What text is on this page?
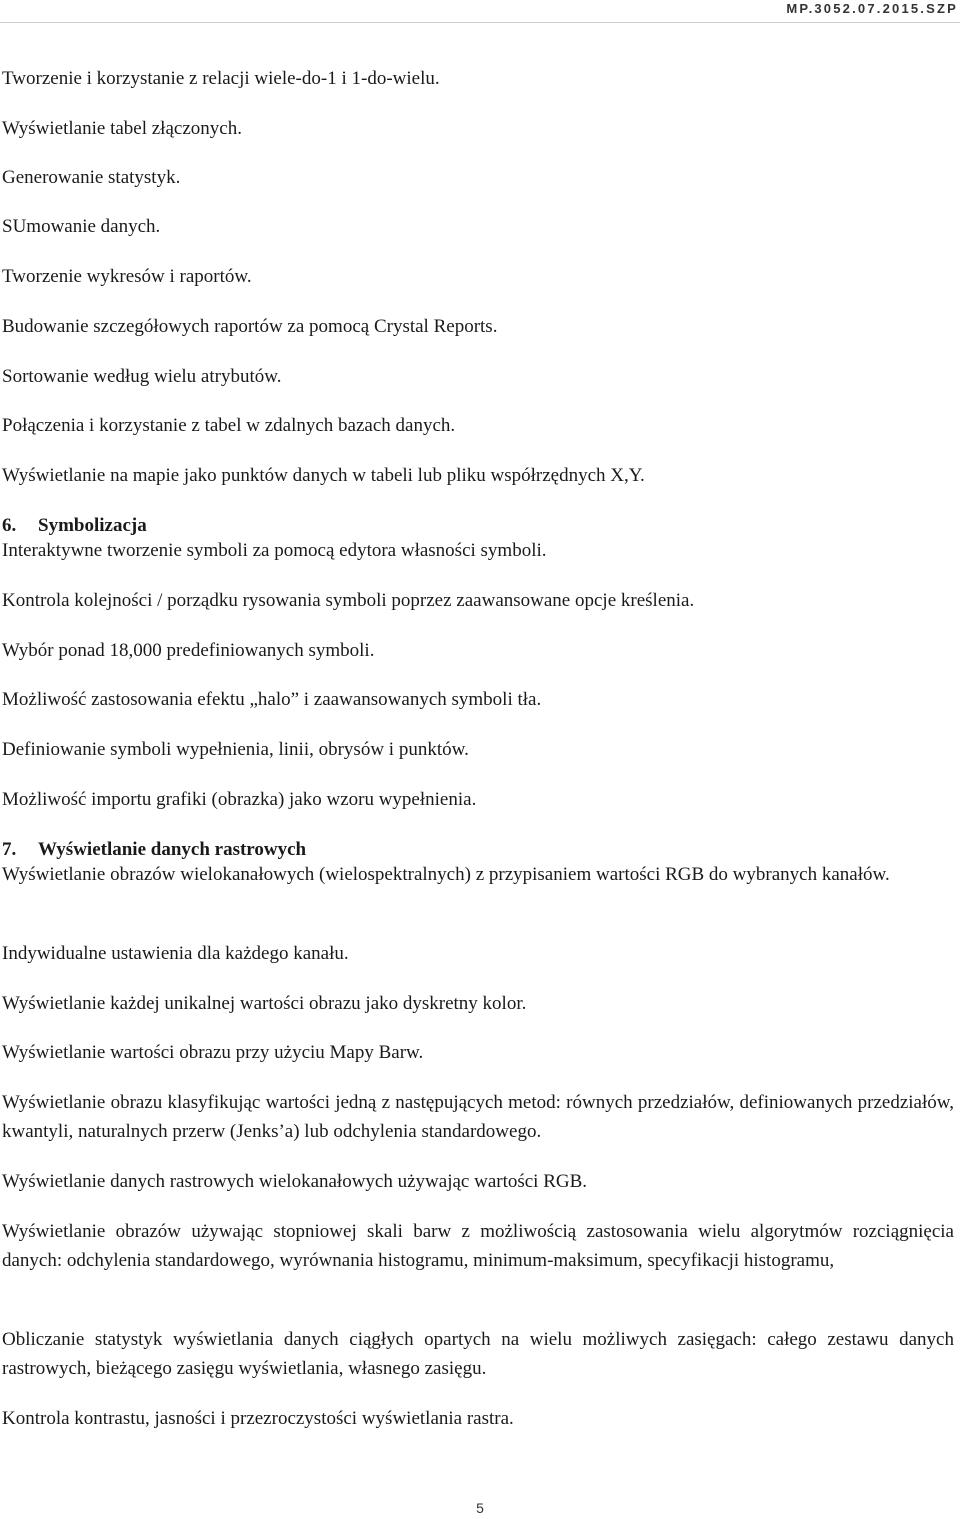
MP.3052.07.2015.SZP

Tworzenie i korzystanie z relacji wiele-do-1 i 1-do-wielu.

Wyświetlanie tabel złączonych.

Generowanie statystyk.

SUmowanie danych.

Tworzenie wykresów i raportów.

Budowanie szczegółowych raportów za pomocą Crystal Reports.

Sortowanie według wielu atrybutów.

Połączenia i korzystanie z tabel w zdalnych bazach danych.

Wyświetlanie na mapie jako punktów danych w tabeli lub pliku współrzędnych X,Y.

6. Symbolizacja

Interaktywne tworzenie symboli za pomocą edytora własności symboli.

Kontrola kolejności / porządku rysowania symboli poprzez zaawansowane opcje kreślenia.

Wybór ponad 18,000 predefiniowanych symboli.

Możliwość zastosowania efektu „halo” i zaawansowanych symboli tła.

Definiowanie symboli wypełnienia, linii, obrysów i punktów.

Możliwość importu grafiki (obrazka) jako wzoru wypełnienia.

7. Wyświetlanie danych rastrowych

Wyświetlanie obrazów wielokanałowych (wielospektralnych) z przypisaniem wartości RGB do wybranych kanałów.

Indywidualne ustawienia dla każdego kanału.

Wyświetlanie każdej unikalnej wartości obrazu jako dyskretny kolor.

Wyświetlanie wartości obrazu przy użyciu Mapy Barw.

Wyświetlanie obrazu klasyfikując wartości jedną z następujących metod: równych przedziałów, definiowanych przedziałów, kwantyli, naturalnych przerw (Jenks’a) lub odchylenia standardowego.

Wyświetlanie danych rastrowych wielokanałowych używając wartości RGB.

Wyświetlanie obrazów używając stopniowej skali barw z możliwością zastosowania wielu algorytmów rozciągnięcia danych: odchylenia standardowego, wyrównania histogramu, minimum-maksimum, specyfikacji histogramu,

Obliczanie statystyk wyświetlania danych ciągłych opartych na wielu możliwych zasięgach: całego zestawu danych rastrowych, bieżącego zasięgu wyświetlania, własnego zasięgu.

Kontrola kontrastu, jasności i przezroczystości wyświetlania rastra.

5
